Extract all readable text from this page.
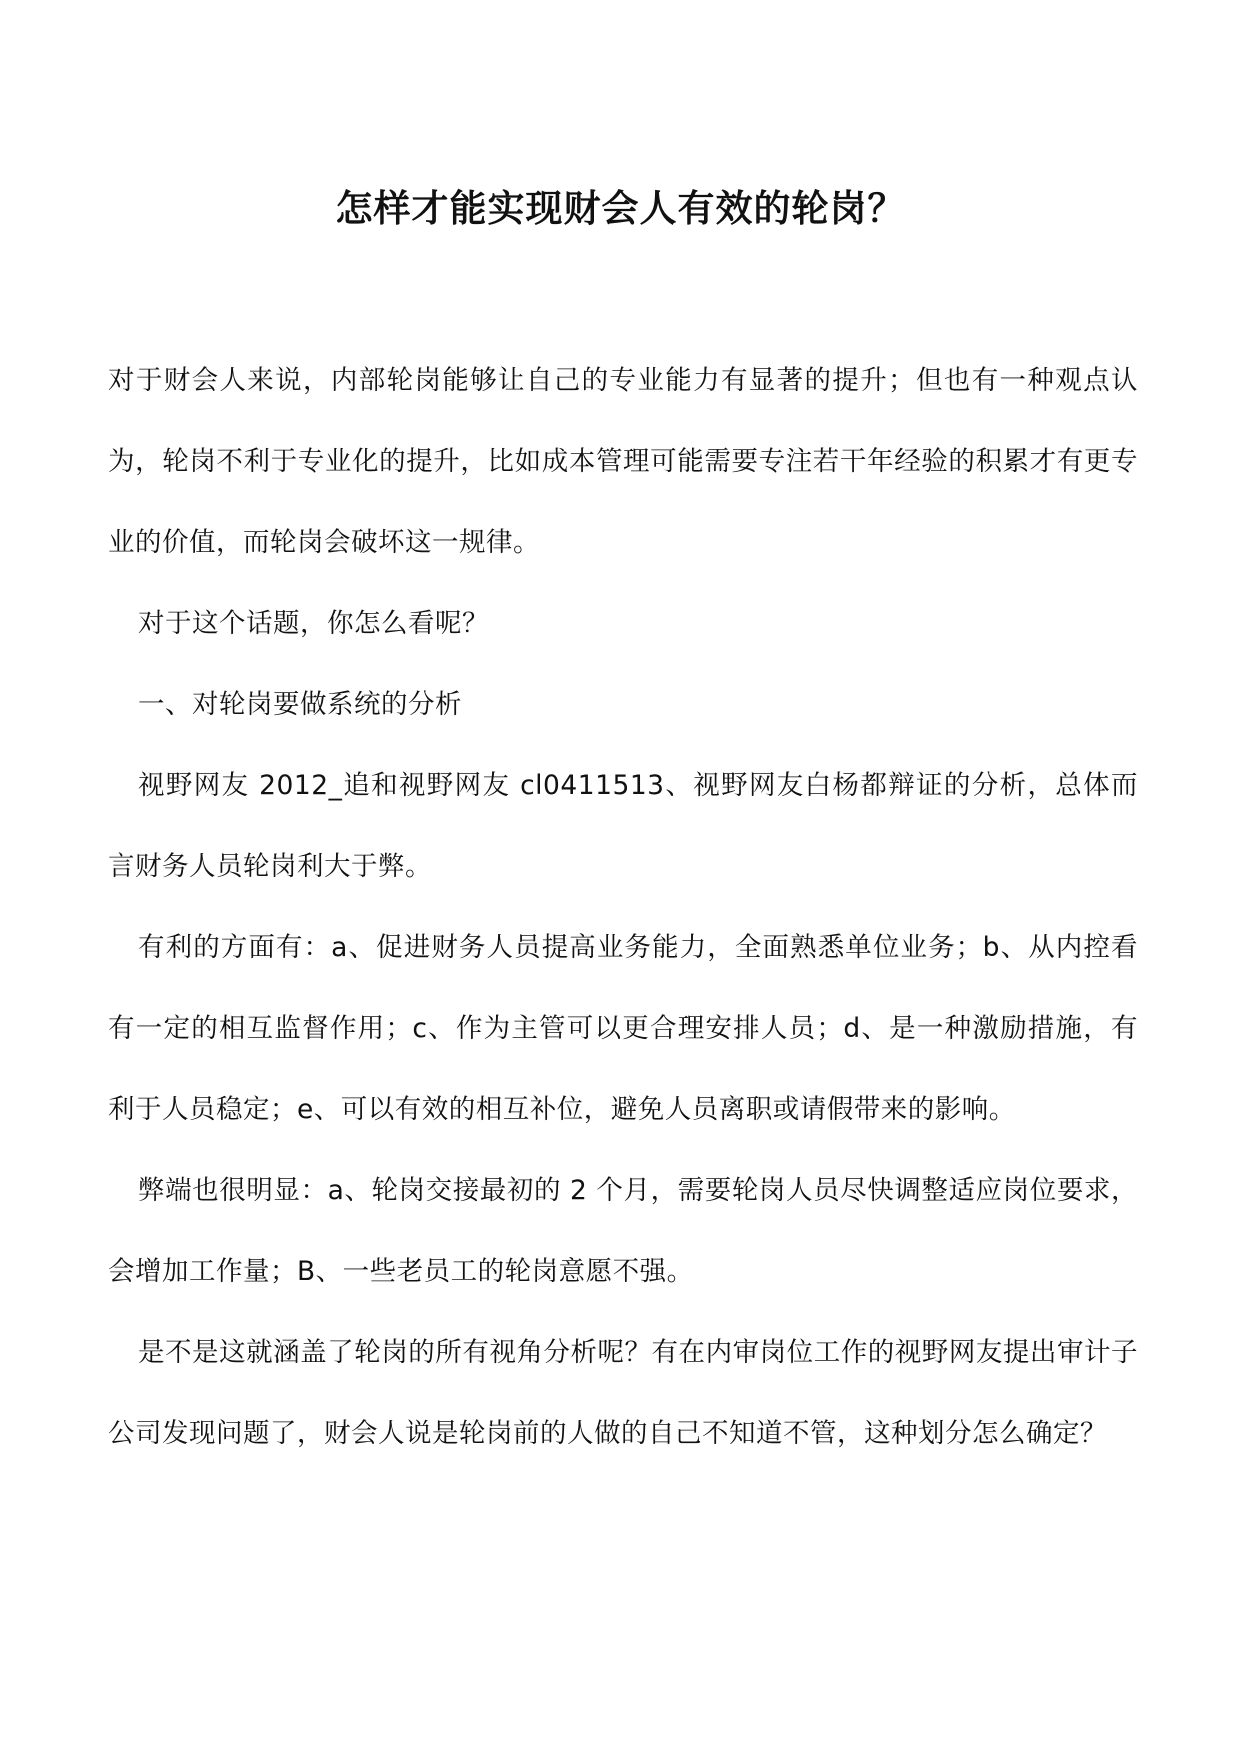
怎样才能实现财会人有效的轮岗？

对于财会人来说，内部轮岗能够让自己的专业能力有显著的提升；但也有一种观点认为，轮岗不利于专业化的提升，比如成本管理可能需要专注若干年经验的积累才有更专业的价值，而轮岗会破坏这一规律。

对于这个话题，你怎么看呢？

一、对轮岗要做系统的分析

视野网友 2012_追和视野网友 cl0411513、视野网友白杨都辩证的分析，总体而言财务人员轮岗利大于弊。

有利的方面有：a、促进财务人员提高业务能力，全面熟悉单位业务；b、从内控看有一定的相互监督作用；c、作为主管可以更合理安排人员；d、是一种激励措施，有利于人员稳定；e、可以有效的相互补位，避免人员离职或请假带来的影响。

弊端也很明显：a、轮岗交接最初的 2 个月，需要轮岗人员尽快调整适应岗位要求，会增加工作量；B、一些老员工的轮岗意愿不强。

是不是这就涵盖了轮岗的所有视角分析呢？有在内审岗位工作的视野网友提出审计子公司发现问题了，财会人说是轮岗前的人做的自己不知道不管，这种划分怎么确定？
